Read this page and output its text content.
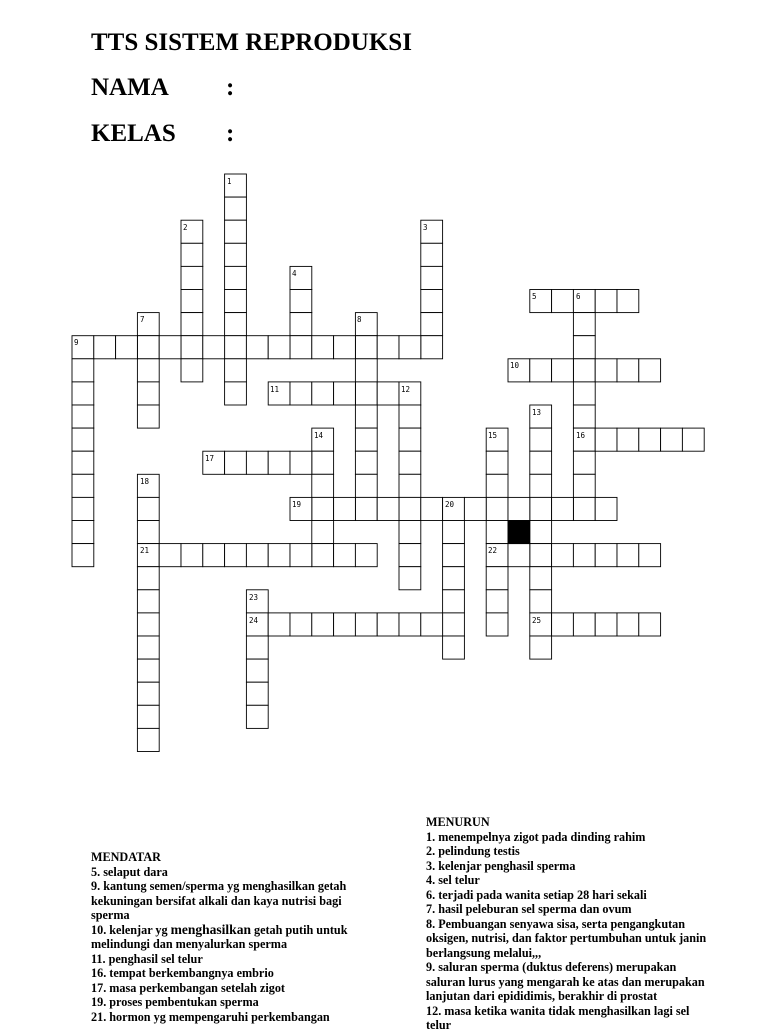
TTS SISTEM REPRODUKSI
NAMA :
KELAS :
1
2	3
4
5	6
7	8
9
10
11	12
13
14	15	16
17
18
19	20
21	22
23
24	25
MENDATAR
5. selaput dara
9. kantung semen/sperma yg menghasilkan getah
kekuningan bersifat alkali dan kaya nutrisi bagi
sperma
10. kelenjar yg menghasilkan getah putih untuk
melindungi dan menyalurkan sperma
11. penghasil sel telur
16. tempat berkembangnya embrio
17. masa perkembangan setelah zigot
19. proses pembentukan sperma
21. hormon yg mempengaruhi perkembangan
MENURUN
1. menempelnya zigot pada dinding rahim
2. pelindung testis
3. kelenjar penghasil sperma
4. sel telur
6. terjadi pada wanita setiap 28 hari sekali
7. hasil peleburan sel sperma dan ovum
8. Pembuangan senyawa sisa, serta pengangkutan
oksigen, nutrisi, dan faktor pertumbuhan untuk janin
berlangsung melalui,,,
9. saluran sperma (duktus deferens) merupakan
saluran lurus yang mengarah ke atas dan merupakan
lanjutan dari epididimis, berakhir di prostat
12. masa ketika wanita tidak menghasilkan lagi sel
telur
